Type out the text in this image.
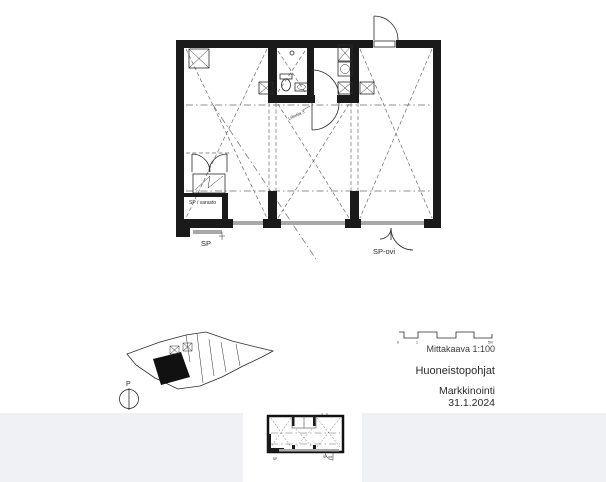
Liiketila 3
SP / varasto
SP
SP-ovi
P
0	1	5m
Mittakaava 1:100
Huoneistopohjat
Markkinointi
31.1.2024
SP	SP-ovi
